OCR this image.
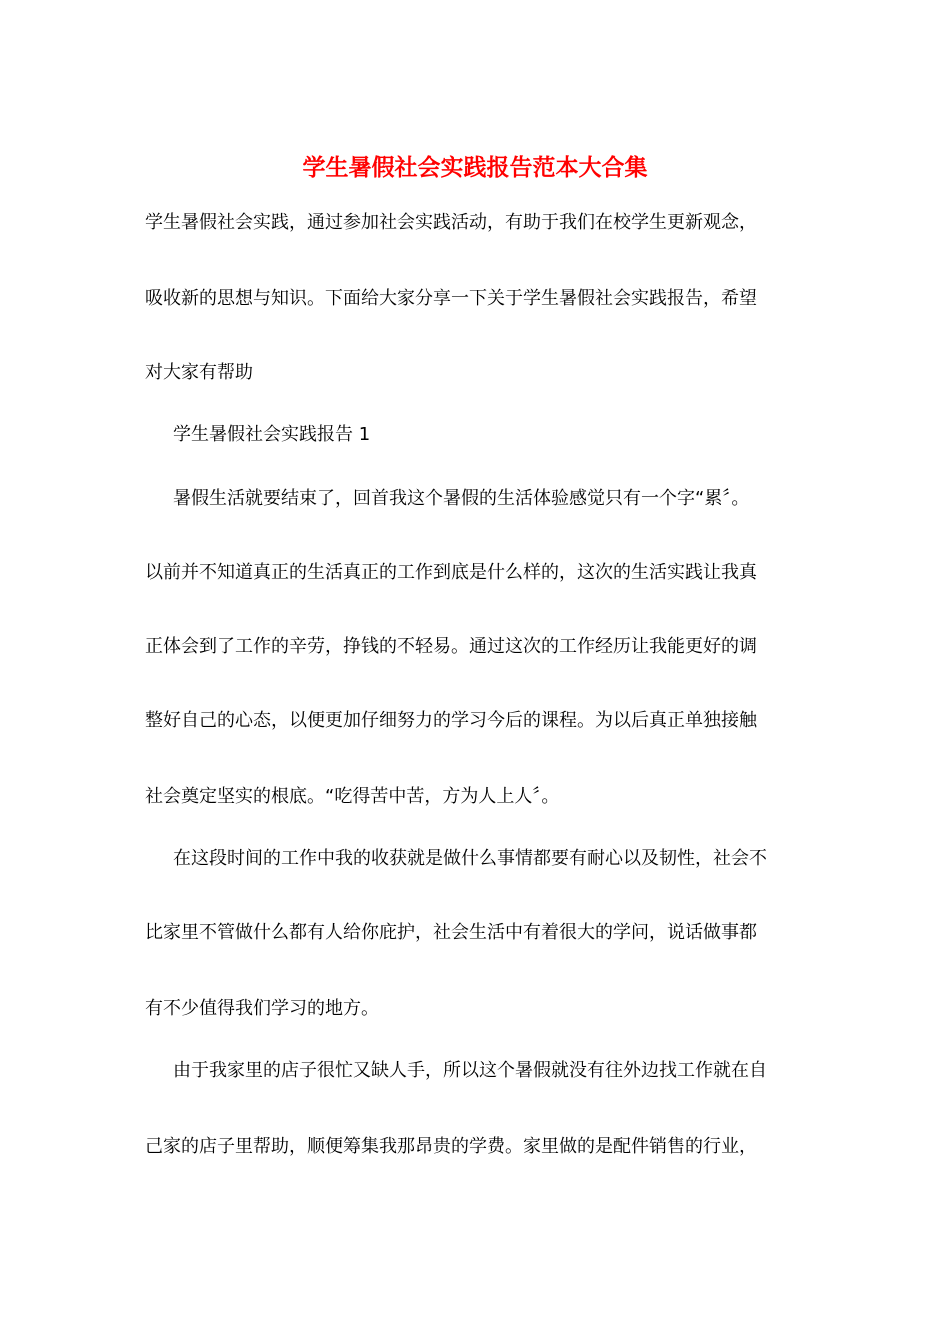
学生暑假社会实践报告范本大合集
学生暑假社会实践，通过参加社会实践活动，有助于我们在校学生更新观念，
吸收新的思想与知识。下面给大家分享一下关于学生暑假社会实践报告，希望
对大家有帮助
学生暑假社会实践报告 1
暑假生活就要结束了，回首我这个暑假的生活体验感觉只有一个字“累〞。
以前并不知道真正的生活真正的工作到底是什么样的，这次的生活实践让我真
正体会到了工作的辛劳，挣钱的不轻易。通过这次的工作经历让我能更好的调
整好自己的心态，以便更加仔细努力的学习今后的课程。为以后真正单独接触
社会奠定坚实的根底。“吃得苦中苦，方为人上人〞。
在这段时间的工作中我的收获就是做什么事情都要有耐心以及韧性，社会不
比家里不管做什么都有人给你庇护，社会生活中有着很大的学问，说话做事都
有不少值得我们学习的地方。
由于我家里的店子很忙又缺人手，所以这个暑假就没有往外边找工作就在自
己家的店子里帮助，顺便筹集我那昂贵的学费。家里做的是配件销售的行业，
